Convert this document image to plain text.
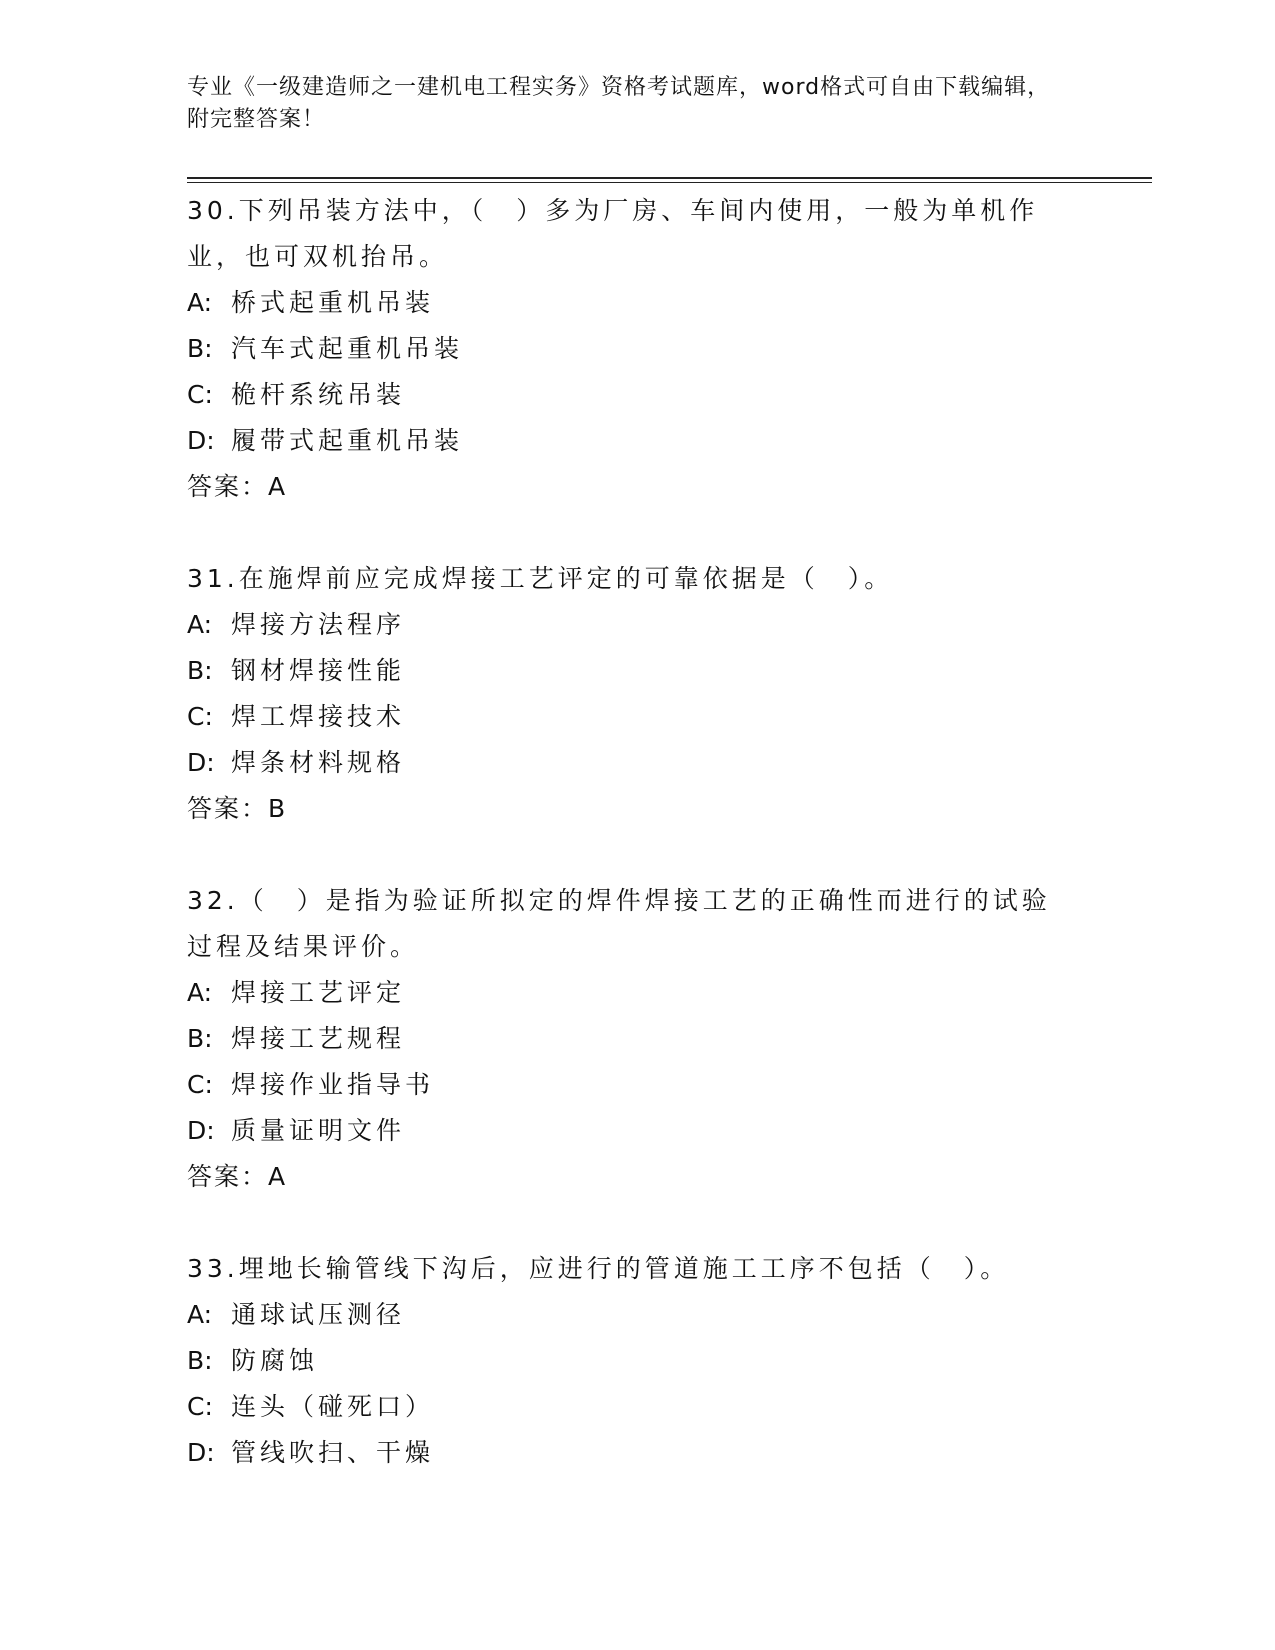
专业《一级建造师之一建机电工程实务》资格考试题库，word格式可自由下载编辑，附完整答案！
30.下列吊装方法中，（　）多为厂房、车间内使用，一般为单机作业，也可双机抬吊。
A: 桥式起重机吊装
B: 汽车式起重机吊装
C: 桅杆系统吊装
D: 履带式起重机吊装
答案：A
31.在施焊前应完成焊接工艺评定的可靠依据是（　）。
A: 焊接方法程序
B: 钢材焊接性能
C: 焊工焊接技术
D: 焊条材料规格
答案：B
32.（　）是指为验证所拟定的焊件焊接工艺的正确性而进行的试验过程及结果评价。
A: 焊接工艺评定
B: 焊接工艺规程
C: 焊接作业指导书
D: 质量证明文件
答案：A
33.埋地长输管线下沟后，应进行的管道施工工序不包括（　）。
A: 通球试压测径
B: 防腐蚀
C: 连头（碰死口）
D: 管线吹扫、干燥
